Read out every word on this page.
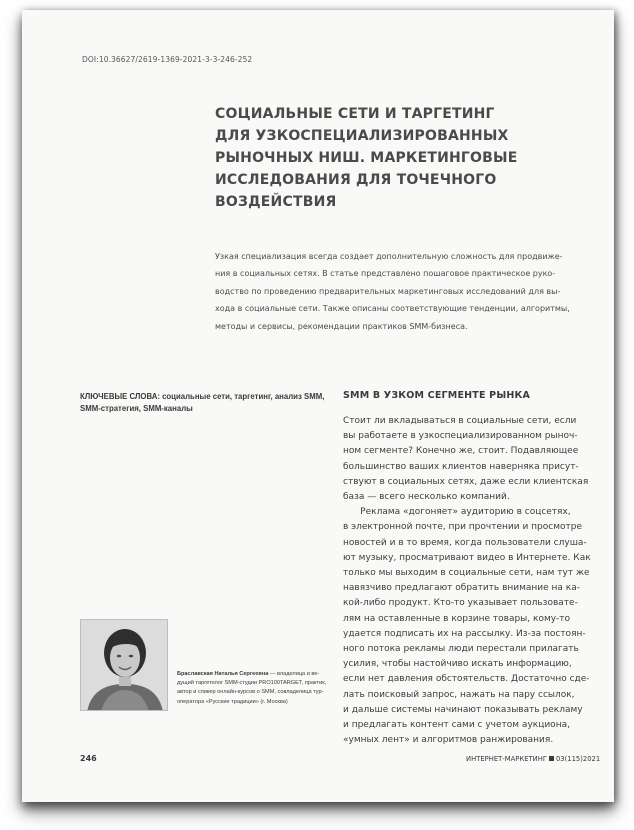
DOI:10.36627/2619-1369-2021-3-3-246-252
СОЦИАЛЬНЫЕ СЕТИ И ТАРГЕТИНГ
ДЛЯ УЗКОСПЕЦИАЛИЗИРОВАННЫХ
РЫНОЧНЫХ НИШ. МАРКЕТИНГОВЫЕ
ИССЛЕДОВАНИЯ ДЛЯ ТОЧЕЧНОГО
ВОЗДЕЙСТВИЯ
Узкая специализация всегда создает дополнительную сложность для продвиже-
ния в социальных сетях. В статье представлено пошаговое практическое руко-
водство по проведению предварительных маркетинговых исследований для вы-
хода в социальные сети. Также описаны соответствующие тенденции, алгоритмы,
методы и сервисы, рекомендации практиков SMM-бизнеса.
КЛЮЧЕВЫЕ СЛОВА: социальные сети, таргетинг, анализ SMM,
SMM-стратегия, SMM-каналы
SMM В УЗКОМ СЕГМЕНТЕ РЫНКА
Стоит ли вкладываться в социальные сети, если
вы работаете в узкоспециализированном рыноч-
ном сегменте? Конечно же, стоит. Подавляющее
большинство ваших клиентов наверняка присут-
ствуют в социальных сетях, даже если клиентская
база — всего несколько компаний.
Реклама «догоняет» аудиторию в соцсетях,
в электронной почте, при прочтении и просмотре
новостей и в то время, когда пользователи слуша-
ют музыку, просматривают видео в Интернете. Как
только мы выходим в социальные сети, нам тут же
навязчиво предлагают обратить внимание на ка-
кой-либо продукт. Кто-то указывает пользовате-
лям на оставленные в корзине товары, кому-то
удается подписать их на рассылку. Из-за постоян-
ного потока рекламы люди перестали прилагать
усилия, чтобы настойчиво искать информацию,
если нет давления обстоятельств. Достаточно сде-
лать поисковый запрос, нажать на пару ссылок,
и дальше системы начинают показывать рекламу
и предлагать контент сами с учетом аукциона,
«умных лент» и алгоритмов ранжирования.
Браславская Наталья Сергеевна — владелица и ве-
дущий таргетолог SMM-студии PRO100TARGET, практик,
автор и спикер онлайн-курсов о SMM, совладелица тур-
оператора «Русские традиции» (г. Москва)
246	ИНТЕРНЕТ-МАРКЕТИНГ 03(115)2021
